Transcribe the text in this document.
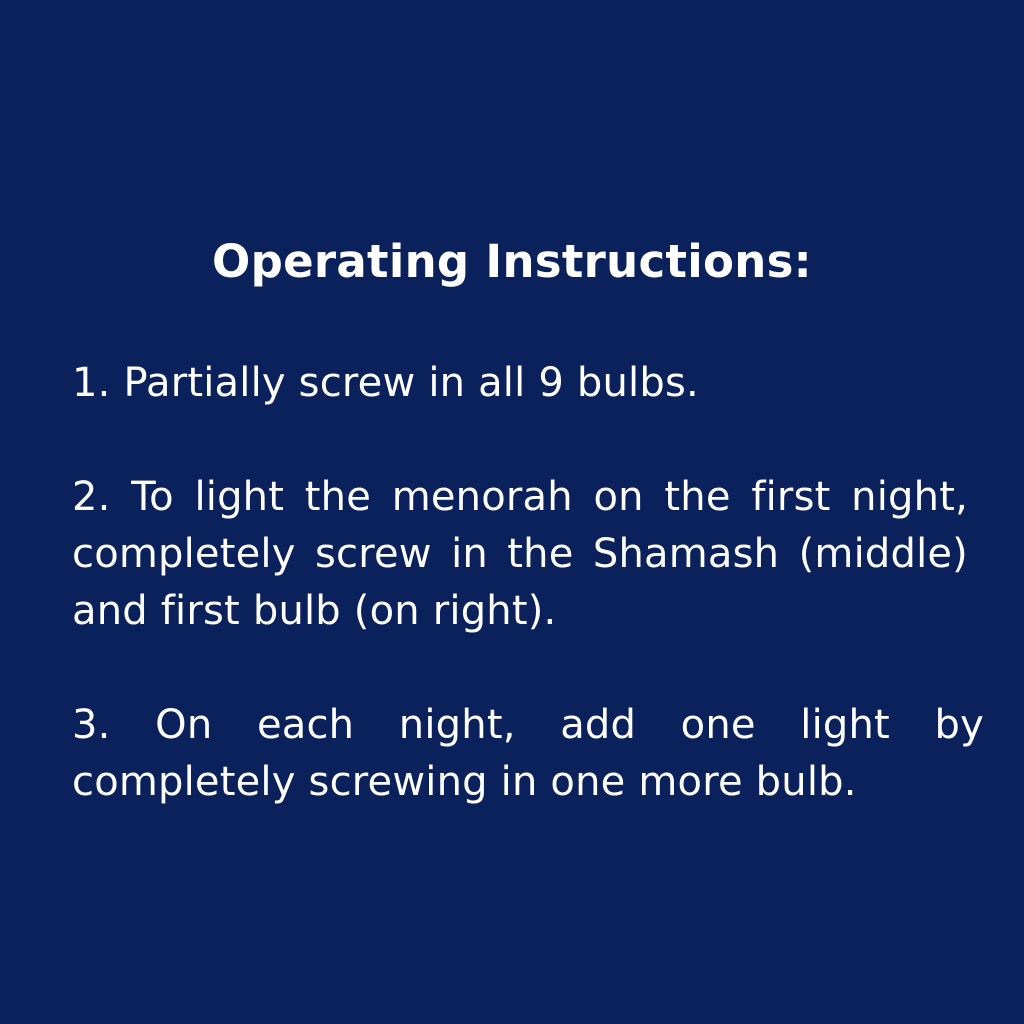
Operating Instructions:
1. Partially screw in all 9 bulbs.
2. To light the menorah on the first night, completely screw in the Shamash (middle) and first bulb (on right).
3. On each night, add one light by completely screwing in one more bulb.
